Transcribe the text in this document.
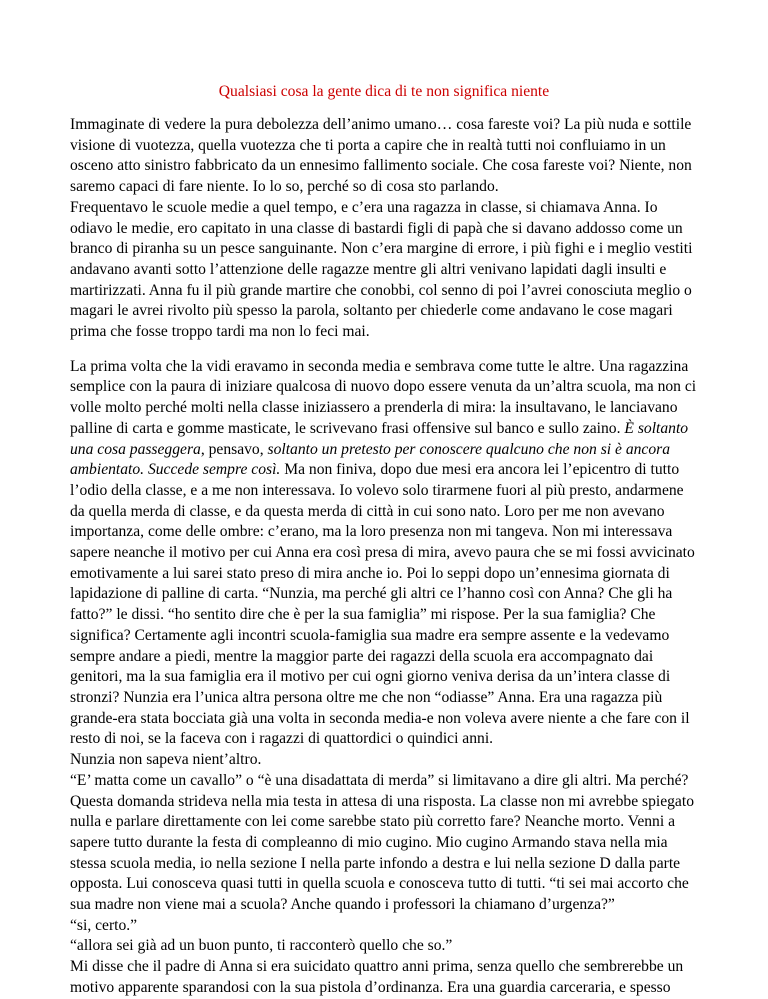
Qualsiasi cosa la gente dica di te non significa niente

Immaginate di vedere la pura debolezza dell’animo umano… cosa fareste voi? La più nuda e sottile visione di vuotezza, quella vuotezza che ti porta a capire che in realtà tutti noi confluiamo in un osceno atto sinistro fabbricato da un ennesimo fallimento sociale. Che cosa fareste voi? Niente, non saremo capaci di fare niente. Io lo so, perché so di cosa sto parlando.

Frequentavo le scuole medie a quel tempo, e c’era una ragazza in classe, si chiamava Anna. Io odiavo le medie, ero capitato in una classe di bastardi figli di papà che si davano addosso come un branco di piranha su un pesce sanguinante. Non c’era margine di errore, i più fighi e i meglio vestiti andavano avanti sotto l’attenzione delle ragazze mentre gli altri venivano lapidati dagli insulti e martirizzati. Anna fu il più grande martire che conobbi, col senno di poi l’avrei conosciuta meglio o magari le avrei rivolto più spesso la parola, soltanto per chiederle come andavano le cose magari prima che fosse troppo tardi ma non lo feci mai.

La prima volta che la vidi eravamo in seconda media e sembrava come tutte le altre. Una ragazzina semplice con la paura di iniziare qualcosa di nuovo dopo essere venuta da un’altra scuola, ma non ci volle molto perché molti nella classe iniziassero a prenderla di mira: la insultavano, le lanciavano palline di carta e gomme masticate, le scrivevano frasi offensive sul banco e sullo zaino. È soltanto una cosa passeggera, pensavo, soltanto un pretesto per conoscere qualcuno che non si è ancora ambientato. Succede sempre così. Ma non finiva, dopo due mesi era ancora lei l’epicentro di tutto l’odio della classe, e a me non interessava. Io volevo solo tirarmene fuori al più presto, andarmene da quella merda di classe, e da questa merda di città in cui sono nato. Loro per me non avevano importanza, come delle ombre: c’erano, ma la loro presenza non mi tangeva. Non mi interessava sapere neanche il motivo per cui Anna era così presa di mira, avevo paura che se mi fossi avvicinato emotivamente a lui sarei stato preso di mira anche io. Poi lo seppi dopo un’ennesima giornata di lapidazione di palline di carta. “Nunzia, ma perché gli altri ce l’hanno così con Anna? Che gli ha fatto?” le dissi. “ho sentito dire che è per la sua famiglia” mi rispose. Per la sua famiglia? Che significa? Certamente agli incontri scuola-famiglia sua madre era sempre assente e la vedevamo sempre andare a piedi, mentre la maggior parte dei ragazzi della scuola era accompagnato dai genitori, ma la sua famiglia era il motivo per cui ogni giorno veniva derisa da un’intera classe di stronzi? Nunzia era l’unica altra persona oltre me che non “odiasse” Anna. Era una ragazza più grande-era stata bocciata già una volta in seconda media-e non voleva avere niente a che fare con il resto di noi, se la faceva con i ragazzi di quattordici o quindici anni.

Nunzia non sapeva nient’altro.

“E’ matta come un cavallo” o “è una disadattata di merda” si limitavano a dire gli altri. Ma perché? Questa domanda strideva nella mia testa in attesa di una risposta. La classe non mi avrebbe spiegato nulla e parlare direttamente con lei come sarebbe stato più corretto fare? Neanche morto. Venni a sapere tutto durante la festa di compleanno di mio cugino. Mio cugino Armando stava nella mia stessa scuola media, io nella sezione I nella parte infondo a destra e lui nella sezione D dalla parte opposta. Lui conosceva quasi tutti in quella scuola e conosceva tutto di tutti. “ti sei mai accorto che sua madre non viene mai a scuola? Anche quando i professori la chiamano d’urgenza?”

“si, certo.”

“allora sei già ad un buon punto, ti racconterò quello che so.”

Mi disse che il padre di Anna si era suicidato quattro anni prima, senza quello che sembrerebbe un motivo apparente sparandosi con la sua pistola d’ordinanza. Era una guardia carceraria, e spesso
